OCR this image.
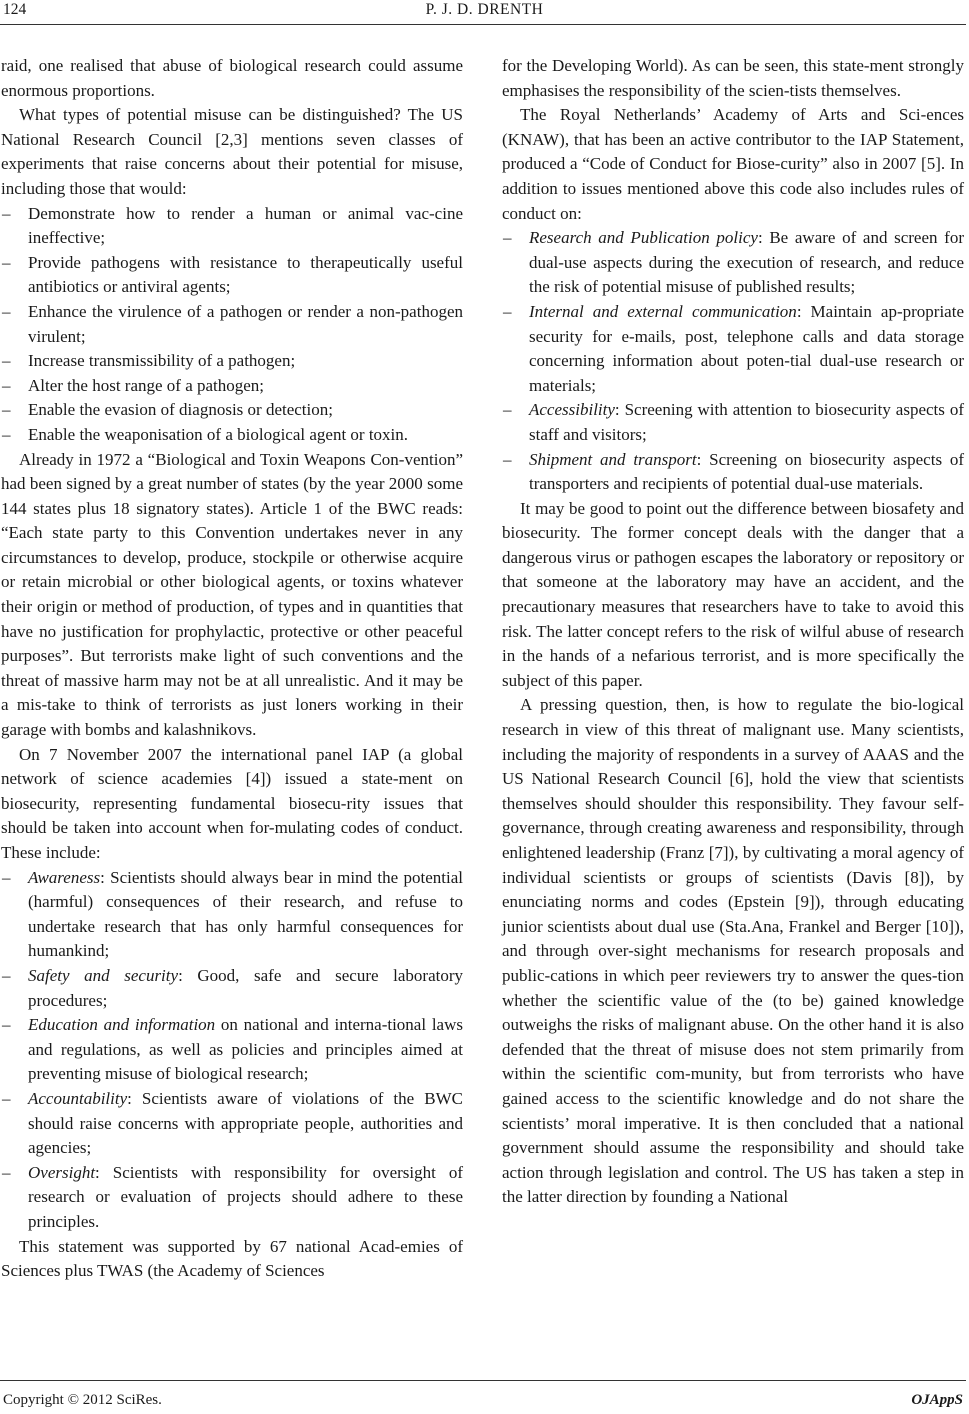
124	P. J. D. DRENTH

raid, one realised that abuse of biological research could assume enormous proportions.

What types of potential misuse can be distinguished? The US National Research Council [2,3] mentions seven classes of experiments that raise concerns about their potential for misuse, including those that would:

– Demonstrate how to render a human or animal vac-cine ineffective;
– Provide pathogens with resistance to therapeutically useful antibiotics or antiviral agents;
– Enhance the virulence of a pathogen or render a non-pathogen virulent;
– Increase transmissibility of a pathogen;
– Alter the host range of a pathogen;
– Enable the evasion of diagnosis or detection;
– Enable the weaponisation of a biological agent or toxin.

Already in 1972 a “Biological and Toxin Weapons Con-vention” had been signed by a great number of states (by the year 2000 some 144 states plus 18 signatory states). Article 1 of the BWC reads: “Each state party to this Convention undertakes never in any circumstances to develop, produce, stockpile or otherwise acquire or retain microbial or other biological agents, or toxins whatever their origin or method of production, of types and in quantities that have no justification for prophylactic, protective or other peaceful purposes”. But terrorists make light of such conventions and the threat of massive harm may not be at all unrealistic. And it may be a mis-take to think of terrorists as just loners working in their garage with bombs and kalashnikovs.

On 7 November 2007 the international panel IAP (a global network of science academies [4]) issued a state-ment on biosecurity, representing fundamental biosecu-rity issues that should be taken into account when for-mulating codes of conduct. These include:

– Awareness: Scientists should always bear in mind the potential (harmful) consequences of their research, and refuse to undertake research that has only harmful consequences for humankind;
– Safety and security: Good, safe and secure laboratory procedures;
– Education and information on national and interna-tional laws and regulations, as well as policies and principles aimed at preventing misuse of biological research;
– Accountability: Scientists aware of violations of the BWC should raise concerns with appropriate people, authorities and agencies;
– Oversight: Scientists with responsibility for oversight of research or evaluation of projects should adhere to these principles.

This statement was supported by 67 national Acad-emies of Sciences plus TWAS (the Academy of Sciences

for the Developing World). As can be seen, this state-ment strongly emphasises the responsibility of the scien-tists themselves.

The Royal Netherlands’ Academy of Arts and Sci-ences (KNAW), that has been an active contributor to the IAP Statement, produced a “Code of Conduct for Biose-curity” also in 2007 [5]. In addition to issues mentioned above this code also includes rules of conduct on:

– Research and Publication policy: Be aware of and screen for dual-use aspects during the execution of research, and reduce the risk of potential misuse of published results;
– Internal and external communication: Maintain ap-propriate security for e-mails, post, telephone calls and data storage concerning information about poten-tial dual-use research or materials;
– Accessibility: Screening with attention to biosecurity aspects of staff and visitors;
– Shipment and transport: Screening on biosecurity aspects of transporters and recipients of potential dual-use materials.

It may be good to point out the difference between biosafety and biosecurity. The former concept deals with the danger that a dangerous virus or pathogen escapes the laboratory or repository or that someone at the laboratory may have an accident, and the precautionary measures that researchers have to take to avoid this risk. The latter concept refers to the risk of wilful abuse of research in the hands of a nefarious terrorist, and is more specifically the subject of this paper.

A pressing question, then, is how to regulate the bio-logical research in view of this threat of malignant use. Many scientists, including the majority of respondents in a survey of AAAS and the US National Research Council [6], hold the view that scientists themselves should shoulder this responsibility. They favour self-governance, through creating awareness and responsibility, through enlightened leadership (Franz [7]), by cultivating a moral agency of individual scientists or groups of scientists (Davis [8]), by enunciating norms and codes (Epstein [9]), through educating junior scientists about dual use (Sta.Ana, Frankel and Berger [10]), and through over-sight mechanisms for research proposals and public-cations in which peer reviewers try to answer the ques-tion whether the scientific value of the (to be) gained knowledge outweighs the risks of malignant abuse. On the other hand it is also defended that the threat of misuse does not stem primarily from within the scientific com-munity, but from terrorists who have gained access to the scientific knowledge and do not share the scientists’ moral imperative. It is then concluded that a national government should assume the responsibility and should take action through legislation and control. The US has taken a step in the latter direction by founding a National

Copyright © 2012 SciRes.	OJAppS
